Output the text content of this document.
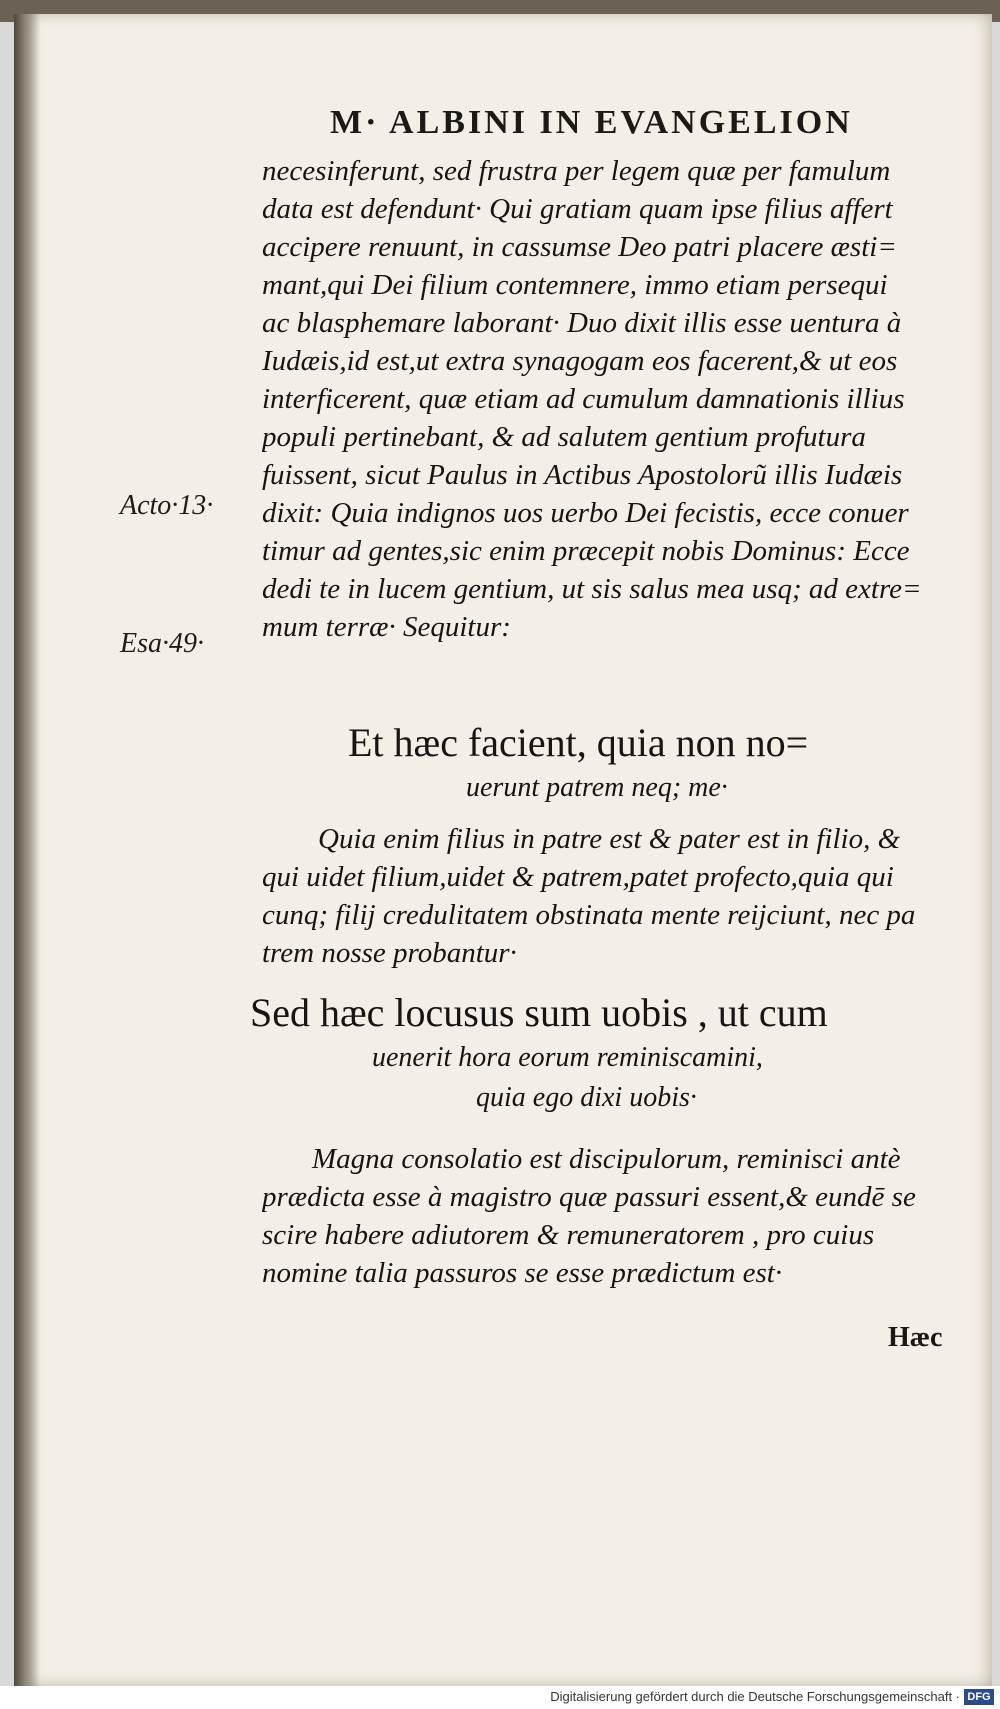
M· ALBINI IN EVANGELION
necesinferunt, sed frustra per legem quæ per famulum
data est defendunt· Qui gratiam quam ipse filius affert
accipere renuunt, in cassumse Deo patri placere æsti=
mant,qui Dei filium contemnere, immo etiam persequi
ac blasphemare laborant· Duo dixit illis esse uentura à
Iudæis,id est,ut extra synagogam eos facerent,& ut eos
interficerent, quæ etiam ad cumulum damnationis illius
populi pertinebant, & ad salutem gentium profutura
fuissent, sicut Paulus in Actibus Apostolorũ illis Iudæis
dixit: Quia indignos uos uerbo Dei fecistis, ecce conuer
timur ad gentes,sic enim præcepit nobis Dominus: Ecce
dedi te in lucem gentium, ut sis salus mea usq; ad extre=
mum terræ· Sequitur:
Acto·13·
Esa·49·
Et hæc facient, quia non no=
uerunt patrem neq; me·
Quia enim filius in patre est & pater est in filio, &
qui uidet filium,uidet & patrem,patet profecto,quia qui
cunq; filij credulitatem obstinata mente reijciunt, nec pa
trem nosse probantur·
Sed hæc locusus sum uobis , ut cum
uenerit hora eorum reminiscamini,
quia ego dixi uobis·
Magna consolatio est discipulorum, reminisci antè
prædicta esse à magistro quæ passuri essent,& eundē se
scire habere adiutorem & remuneratorem , pro cuius
nomine talia passuros se esse prædictum est·
Hæc
Digitalisierung gefördert durch die Deutsche Forschungsgemeinschaft · DFG
